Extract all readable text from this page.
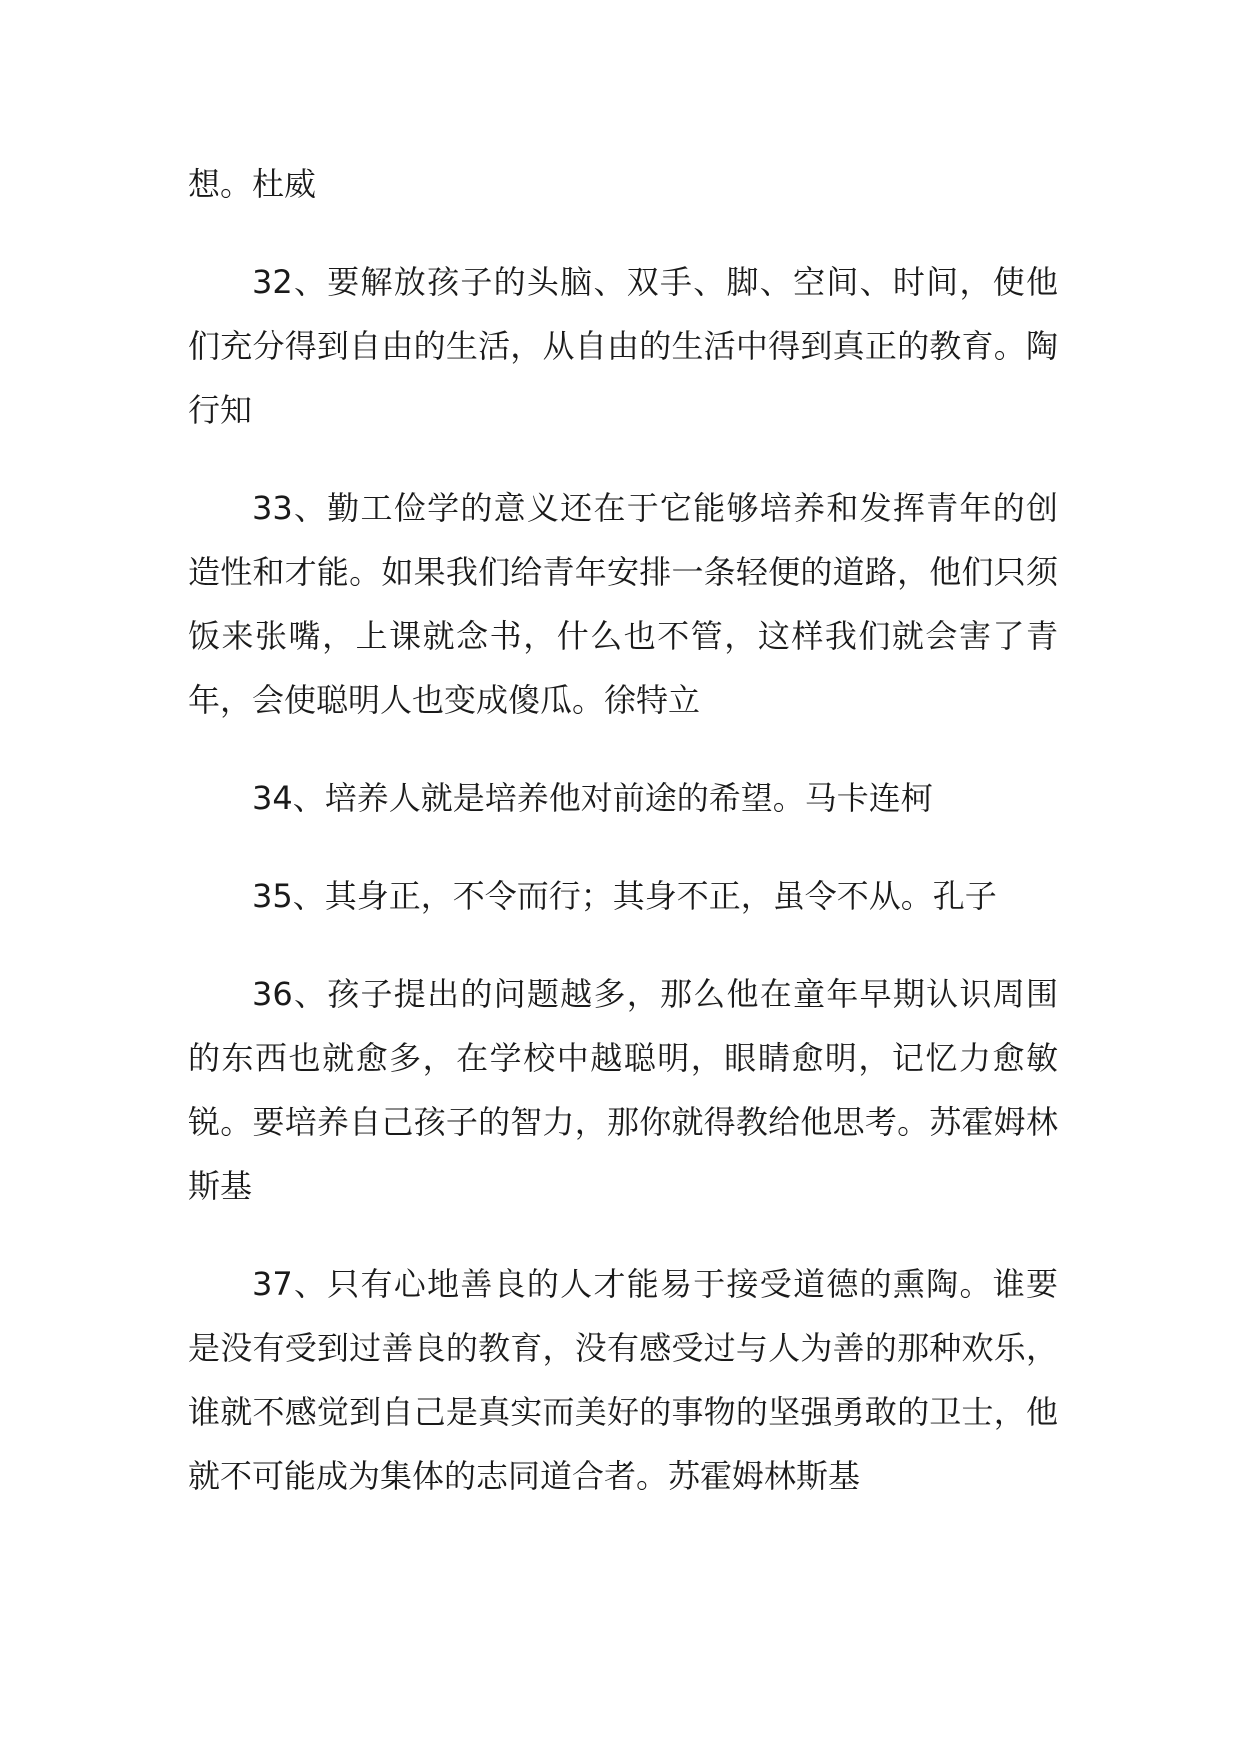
想。杜威

32、要解放孩子的头脑、双手、脚、空间、时间，使他们充分得到自由的生活，从自由的生活中得到真正的教育。陶行知

33、勤工俭学的意义还在于它能够培养和发挥青年的创造性和才能。如果我们给青年安排一条轻便的道路，他们只须饭来张嘴，上课就念书，什么也不管，这样我们就会害了青年，会使聪明人也变成傻瓜。徐特立

34、培养人就是培养他对前途的希望。马卡连柯

35、其身正，不令而行；其身不正，虽令不从。孔子

36、孩子提出的问题越多，那么他在童年早期认识周围的东西也就愈多，在学校中越聪明，眼睛愈明，记忆力愈敏锐。要培养自己孩子的智力，那你就得教给他思考。苏霍姆林斯基

37、只有心地善良的人才能易于接受道德的熏陶。谁要是没有受到过善良的教育，没有感受过与人为善的那种欢乐，谁就不感觉到自己是真实而美好的事物的坚强勇敢的卫士，他就不可能成为集体的志同道合者。苏霍姆林斯基
